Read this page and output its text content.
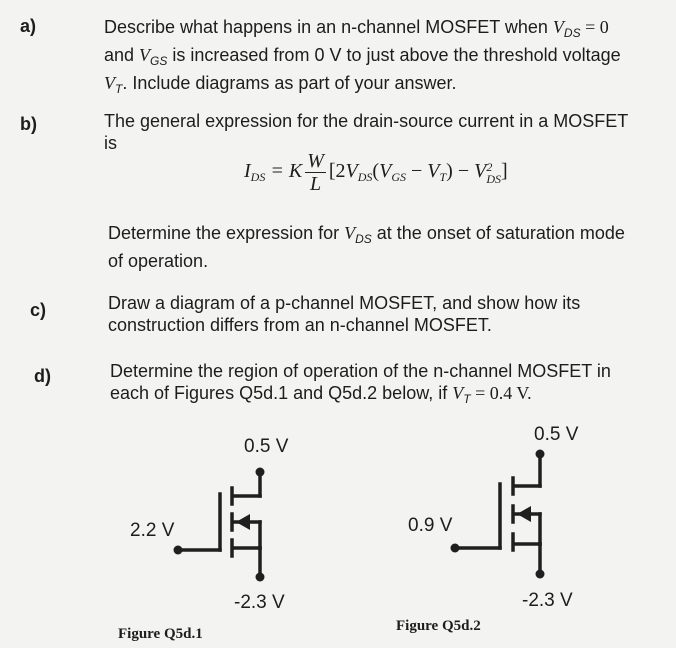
a)	Describe what happens in an n-channel MOSFET when $V_{DS} = 0$
and $V_{GS}$ is increased from 0 V to just above the threshold voltage
$V_T$. Include diagrams as part of your answer.
b)	The general expression for the drain-source current in a MOSFET
is
$I_{DS} = K \frac{W}{L} [2V_{DS}(V_{GS} - V_T) - V$ 2
DS ]
Determine the expression for $V_{DS}$ at the onset of saturation mode
of operation.
c)	Draw a diagram of a p-channel MOSFET, and show how its
construction differs from an n-channel MOSFET.
d)	Determine the region of operation of the n-channel MOSFET in
each of Figures Q5d.1 and Q5d.2 below, if $V_T = 0.4$ V.
0.5 V
2.2 V
-2.3 V
Figure Q5d.1
0.5 V
0.9 V
-2.3 V
Figure Q5d.2
